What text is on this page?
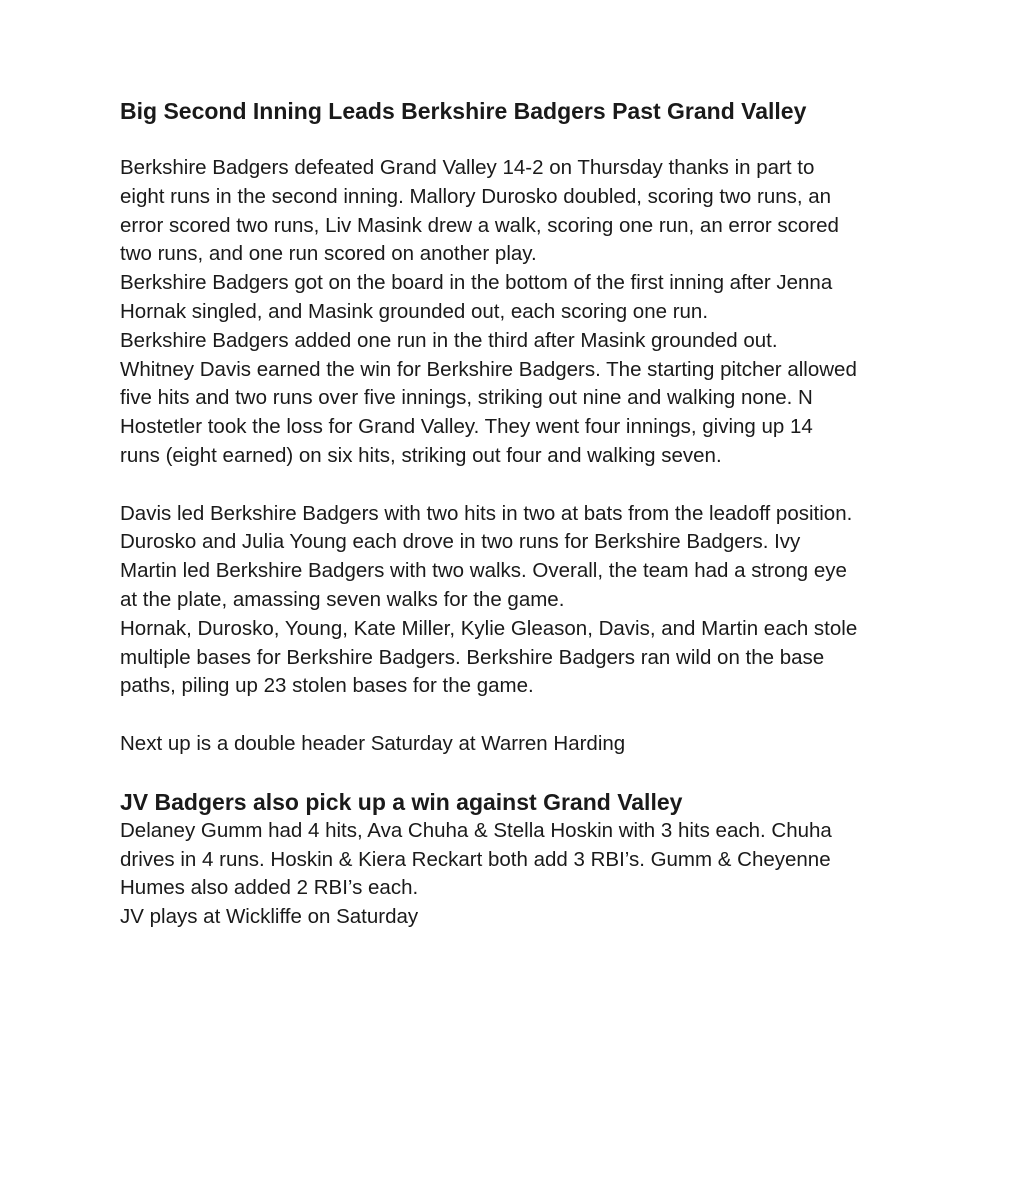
Big Second Inning Leads Berkshire Badgers Past Grand Valley

Berkshire Badgers defeated Grand Valley 14-2 on Thursday thanks in part to
eight runs in the second inning. Mallory Durosko doubled, scoring two runs, an
error scored two runs, Liv Masink drew a walk, scoring one run, an error scored
two runs, and one run scored on another play.
Berkshire Badgers got on the board in the bottom of the first inning after Jenna
Hornak singled, and Masink grounded out, each scoring one run.
Berkshire Badgers added one run in the third after Masink grounded out.
Whitney Davis earned the win for Berkshire Badgers. The starting pitcher allowed
five hits and two runs over five innings, striking out nine and walking none. N
Hostetler took the loss for Grand Valley. They went four innings, giving up 14
runs (eight earned) on six hits, striking out four and walking seven.

Davis led Berkshire Badgers with two hits in two at bats from the leadoff position.
Durosko and Julia Young each drove in two runs for Berkshire Badgers. Ivy
Martin led Berkshire Badgers with two walks. Overall, the team had a strong eye
at the plate, amassing seven walks for the game.
Hornak, Durosko, Young, Kate Miller, Kylie Gleason, Davis, and Martin each stole
multiple bases for Berkshire Badgers. Berkshire Badgers ran wild on the base
paths, piling up 23 stolen bases for the game.

Next up is a double header Saturday at Warren Harding

JV Badgers also pick up a win against Grand Valley

Delaney Gumm had 4 hits, Ava Chuha & Stella Hoskin with 3 hits each. Chuha
drives in 4 runs. Hoskin & Kiera Reckart both add 3 RBI’s. Gumm & Cheyenne
Humes also added 2 RBI’s each.
JV plays at Wickliffe on Saturday
